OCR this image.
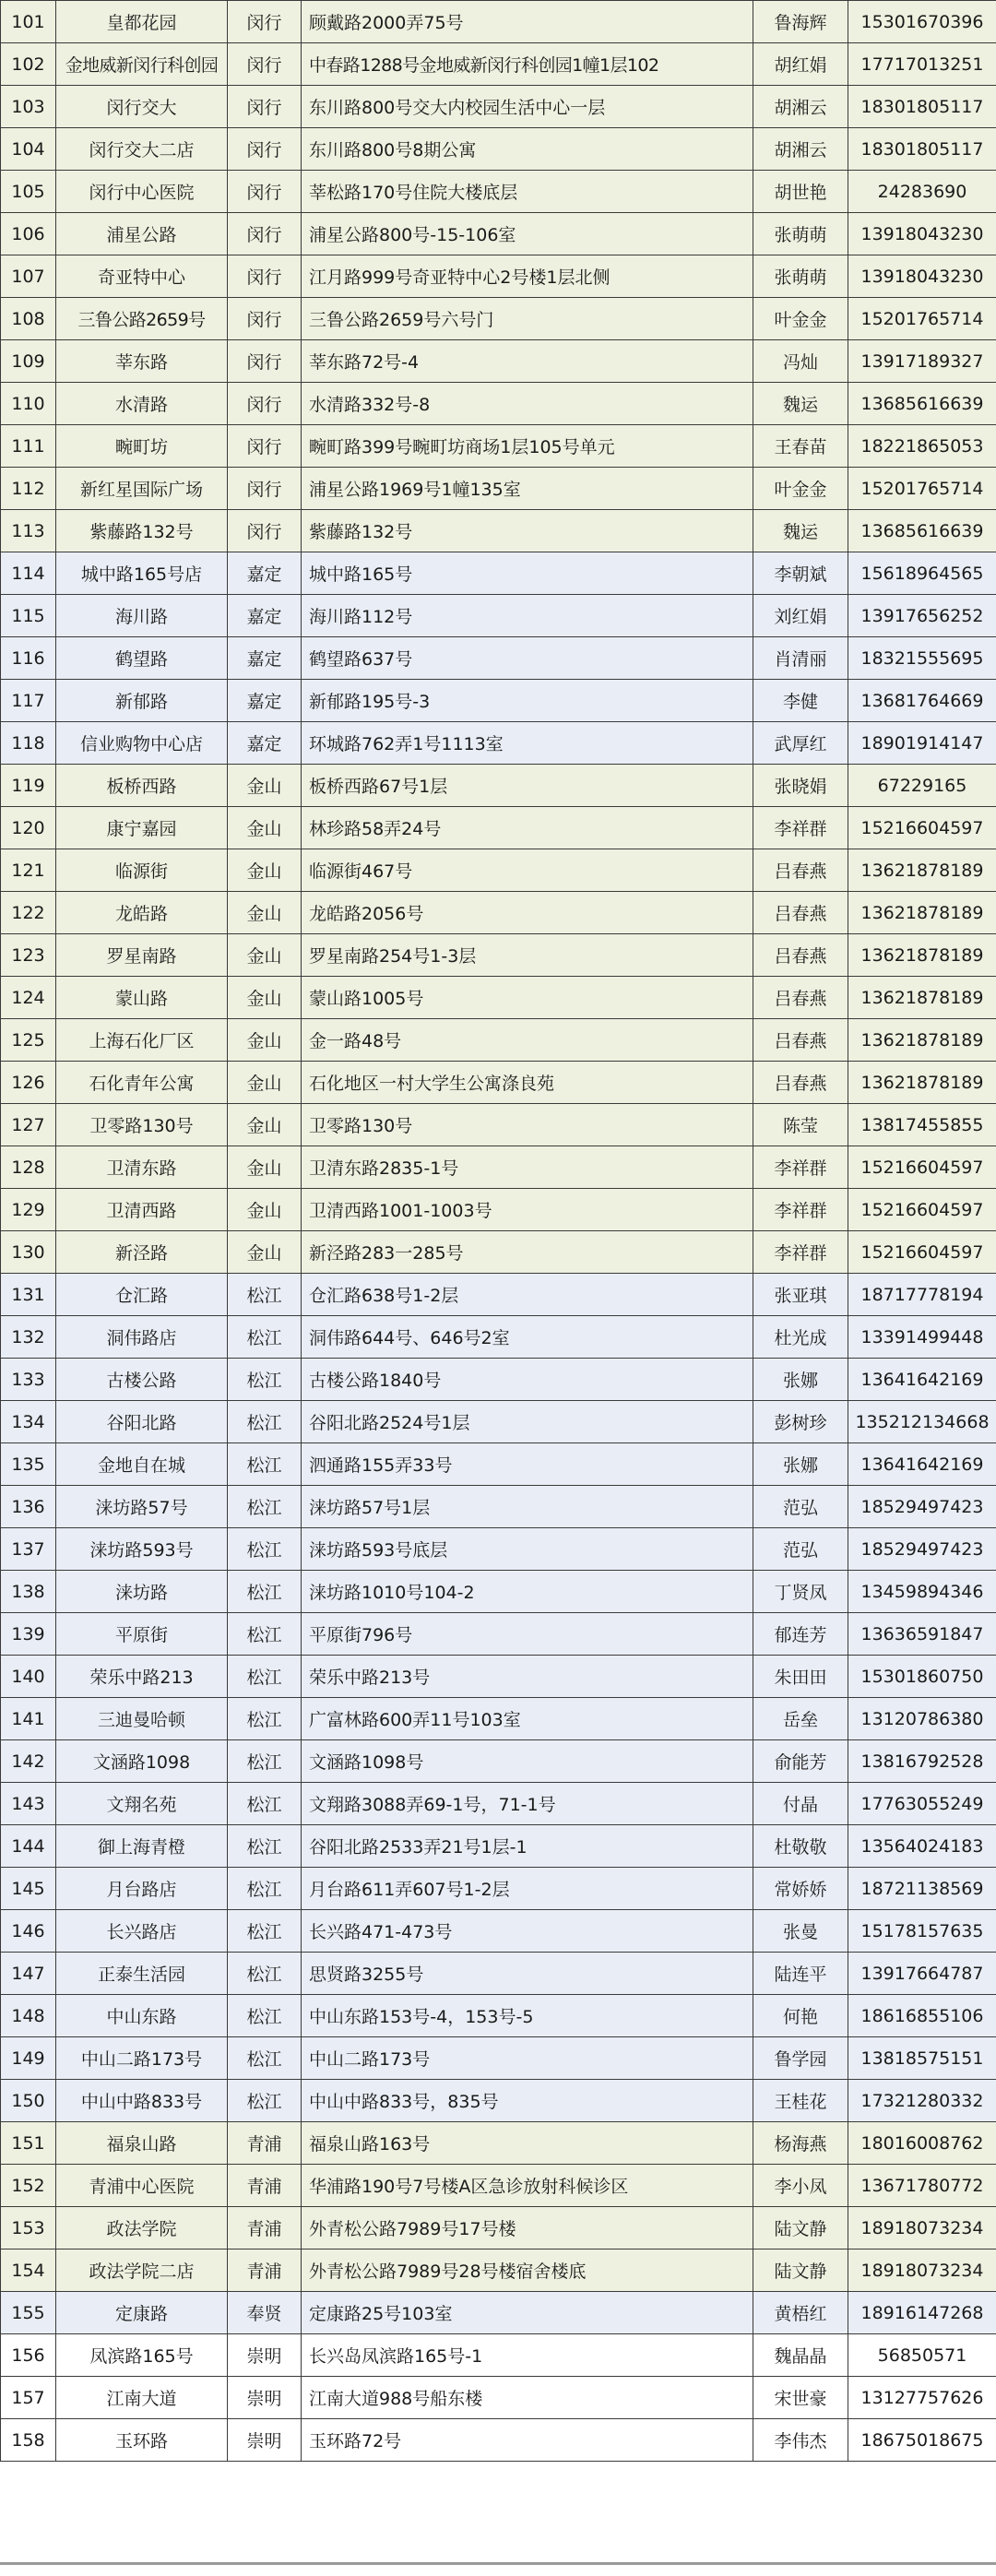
101	皇都花园	闵行	顾戴路2000弄75号	鲁海辉	15301670396
102	金地威新闵行科创园	闵行	中春路1288号金地威新闵行科创园1幢1层102	胡红娟	17717013251
103	闵行交大	闵行	东川路800号交大内校园生活中心一层	胡湘云	18301805117
104	闵行交大二店	闵行	东川路800号8期公寓	胡湘云	18301805117
105	闵行中心医院	闵行	莘松路170号住院大楼底层	胡世艳	24283690
106	浦星公路	闵行	浦星公路800号-15-106室	张萌萌	13918043230
107	奇亚特中心	闵行	江月路999号奇亚特中心2号楼1层北侧	张萌萌	13918043230
108	三鲁公路2659号	闵行	三鲁公路2659号六号门	叶金金	15201765714
109	莘东路	闵行	莘东路72号-4	冯灿	13917189327
110	水清路	闵行	水清路332号-8	魏运	13685616639
111	畹町坊	闵行	畹町路399号畹町坊商场1层105号单元	王春苗	18221865053
112	新红星国际广场	闵行	浦星公路1969号1幢135室	叶金金	15201765714
113	紫藤路132号	闵行	紫藤路132号	魏运	13685616639
114	城中路165号店	嘉定	城中路165号	李朝斌	15618964565
115	海川路	嘉定	海川路112号	刘红娟	13917656252
116	鹤望路	嘉定	鹤望路637号	肖清丽	18321555695
117	新郁路	嘉定	新郁路195号-3	李健	13681764669
118	信业购物中心店	嘉定	环城路762弄1号1113室	武厚红	18901914147
119	板桥西路	金山	板桥西路67号1层	张晓娟	67229165
120	康宁嘉园	金山	林珍路58弄24号	李祥群	15216604597
121	临源街	金山	临源街467号	吕春燕	13621878189
122	龙皓路	金山	龙皓路2056号	吕春燕	13621878189
123	罗星南路	金山	罗星南路254号1-3层	吕春燕	13621878189
124	蒙山路	金山	蒙山路1005号	吕春燕	13621878189
125	上海石化厂区	金山	金一路48号	吕春燕	13621878189
126	石化青年公寓	金山	石化地区一村大学生公寓涤良苑	吕春燕	13621878189
127	卫零路130号	金山	卫零路130号	陈莹	13817455855
128	卫清东路	金山	卫清东路2835-1号	李祥群	15216604597
129	卫清西路	金山	卫清西路1001-1003号	李祥群	15216604597
130	新泾路	金山	新泾路283一285号	李祥群	15216604597
131	仓汇路	松江	仓汇路638号1-2层	张亚琪	18717778194
132	洞伟路店	松江	洞伟路644号、646号2室	杜光成	13391499448
133	古楼公路	松江	古楼公路1840号	张娜	13641642169
134	谷阳北路	松江	谷阳北路2524号1层	彭树珍	135212134668
135	金地自在城	松江	泗通路155弄33号	张娜	13641642169
136	涞坊路57号	松江	涞坊路57号1层	范弘	18529497423
137	涞坊路593号	松江	涞坊路593号底层	范弘	18529497423
138	涞坊路	松江	涞坊路1010号104-2	丁贤凤	13459894346
139	平原街	松江	平原街796号	郁连芳	13636591847
140	荣乐中路213	松江	荣乐中路213号	朱田田	15301860750
141	三迪曼哈顿	松江	广富林路600弄11号103室	岳垒	13120786380
142	文涵路1098	松江	文涵路1098号	俞能芳	13816792528
143	文翔名苑	松江	文翔路3088弄69-1号，71-1号	付晶	17763055249
144	御上海青橙	松江	谷阳北路2533弄21号1层-1	杜敬敬	13564024183
145	月台路店	松江	月台路611弄607号1-2层	常娇娇	18721138569
146	长兴路店	松江	长兴路471-473号	张曼	15178157635
147	正泰生活园	松江	思贤路3255号	陆连平	13917664787
148	中山东路	松江	中山东路153号-4，153号-5	何艳	18616855106
149	中山二路173号	松江	中山二路173号	鲁学园	13818575151
150	中山中路833号	松江	中山中路833号，835号	王桂花	17321280332
151	福泉山路	青浦	福泉山路163号	杨海燕	18016008762
152	青浦中心医院	青浦	华浦路190号7号楼A区急诊放射科候诊区	李小凤	13671780772
153	政法学院	青浦	外青松公路7989号17号楼	陆文静	18918073234
154	政法学院二店	青浦	外青松公路7989号28号楼宿舍楼底	陆文静	18918073234
155	定康路	奉贤	定康路25号103室	黄梧红	18916147268
156	凤滨路165号	崇明	长兴岛凤滨路165号-1	魏晶晶	56850571
157	江南大道	崇明	江南大道988号船东楼	宋世豪	13127757626
158	玉环路	崇明	玉环路72号	李伟杰	18675018675
